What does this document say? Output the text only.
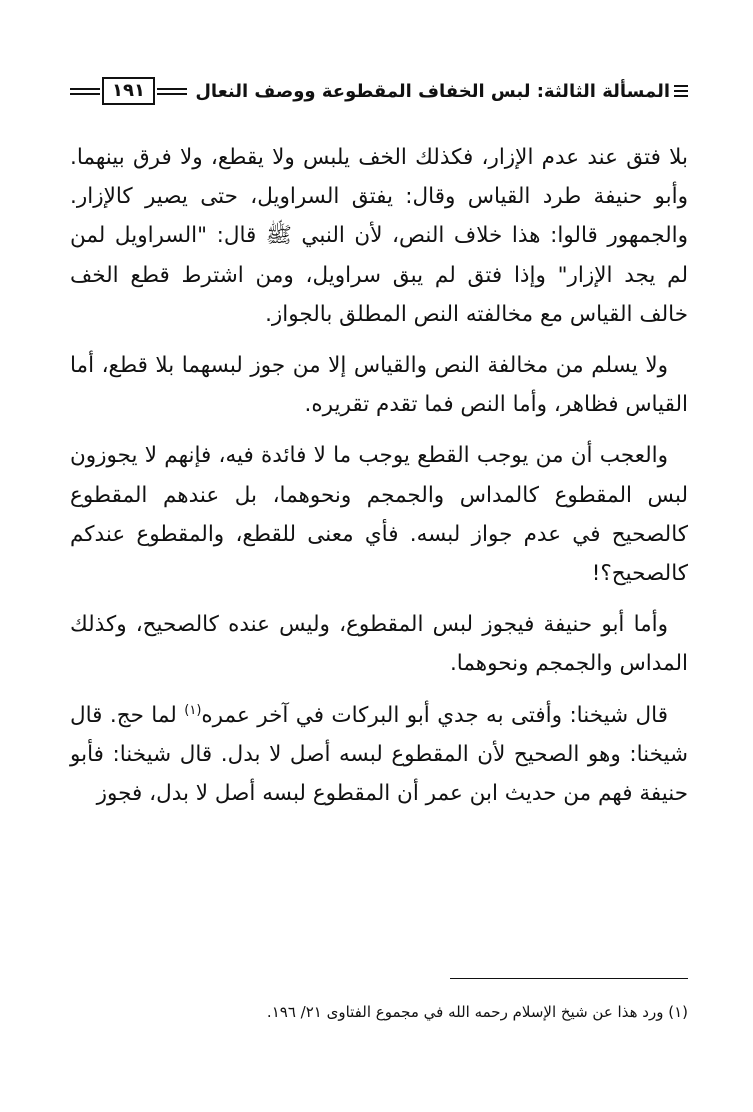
المسألة الثالثة: لبس الخفاف المقطوعة ووصف النعال
١٩١

بلا فتق عند عدم الإزار، فكذلك الخف يلبس ولا يقطع، ولا فرق بينهما. وأبو حنيفة طرد القياس وقال: يفتق السراويل، حتى يصير كالإزار. والجمهور قالوا: هذا خلاف النص، لأن النبي ﷺ قال: "السراويل لمن لم يجد الإزار" وإذا فتق لم يبق سراويل، ومن اشترط قطع الخف خالف القياس مع مخالفته النص المطلق بالجواز.

ولا يسلم من مخالفة النص والقياس إلا من جوز لبسهما بلا قطع، أما القياس فظاهر، وأما النص فما تقدم تقريره.

والعجب أن من يوجب القطع يوجب ما لا فائدة فيه، فإنهم لا يجوزون لبس المقطوع كالمداس والجمجم ونحوهما، بل عندهم المقطوع كالصحيح في عدم جواز لبسه. فأي معنى للقطع، والمقطوع عندكم كالصحيح؟!

وأما أبو حنيفة فيجوز لبس المقطوع، وليس عنده كالصحيح، وكذلك المداس والجمجم ونحوهما.

قال شيخنا: وأفتى به جدي أبو البركات في آخر عمره$^{(١)}$ لما حج. قال شيخنا: وهو الصحيح لأن المقطوع لبسه أصل لا بدل. قال شيخنا: فأبو حنيفة فهم من حديث ابن عمر أن المقطوع لبسه أصل لا بدل، فجوز

(١) ورد هذا عن شيخ الإسلام رحمه الله في مجموع الفتاوى ٢١/ ١٩٦.
